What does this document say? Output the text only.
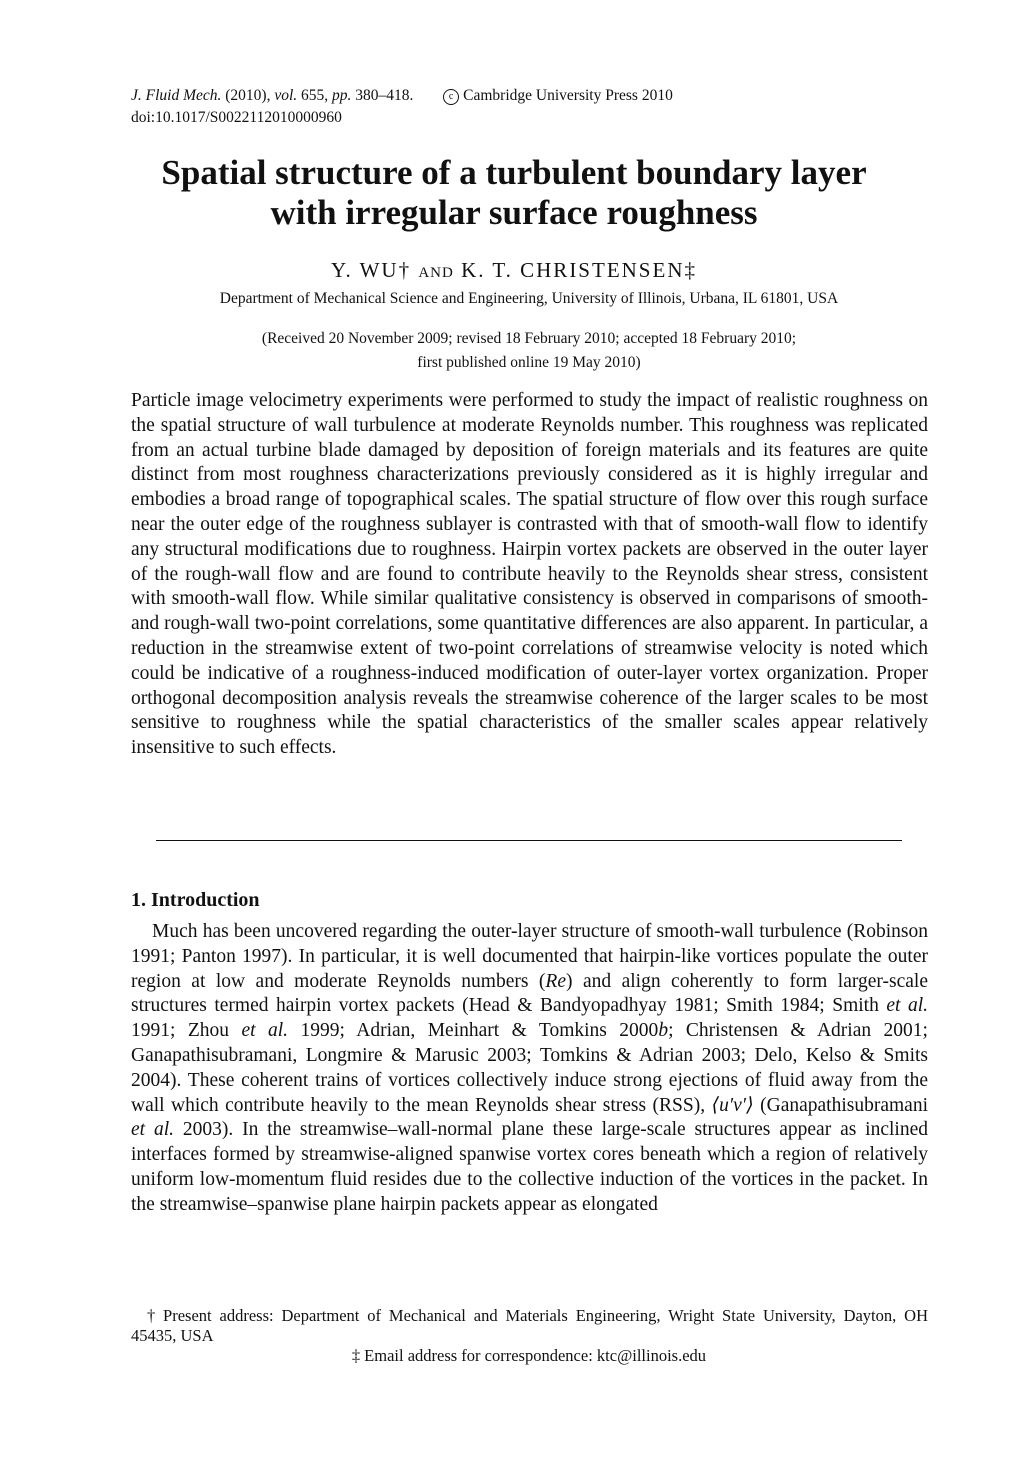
J. Fluid Mech. (2010), vol. 655, pp. 380–418.	c Cambridge University Press 2010
doi:10.1017/S0022112010000960
Spatial structure of a turbulent boundary layer
with irregular surface roughness

Y. WU† AND K. T. CHRISTENSEN‡

Department of Mechanical Science and Engineering, University of Illinois, Urbana, IL 61801, USA
(Received 20 November 2009; revised 18 February 2010; accepted 18 February 2010;
first published online 19 May 2010)

Particle image velocimetry experiments were performed to study the impact of realistic roughness on the spatial structure of wall turbulence at moderate Reynolds number. This roughness was replicated from an actual turbine blade damaged by deposition of foreign materials and its features are quite distinct from most roughness characterizations previously considered as it is highly irregular and embodies a broad range of topographical scales. The spatial structure of flow over this rough surface near the outer edge of the roughness sublayer is contrasted with that of smooth-wall flow to identify any structural modifications due to roughness. Hairpin vortex packets are observed in the outer layer of the rough-wall flow and are found to contribute heavily to the Reynolds shear stress, consistent with smooth-wall flow. While similar qualitative consistency is observed in comparisons of smooth- and rough-wall two-point correlations, some quantitative differences are also apparent. In particular, a reduction in the streamwise extent of two-point correlations of streamwise velocity is noted which could be indicative of a roughness-induced modification of outer-layer vortex organization. Proper orthogonal decomposition analysis reveals the streamwise coherence of the larger scales to be most sensitive to roughness while the spatial characteristics of the smaller scales appear relatively insensitive to such effects.

1. Introduction

Much has been uncovered regarding the outer-layer structure of smooth-wall turbulence (Robinson 1991; Panton 1997). In particular, it is well documented that hairpin-like vortices populate the outer region at low and moderate Reynolds numbers (Re) and align coherently to form larger-scale structures termed hairpin vortex packets (Head & Bandyopadhyay 1981; Smith 1984; Smith et al. 1991; Zhou et al. 1999; Adrian, Meinhart & Tomkins 2000b; Christensen & Adrian 2001; Ganapathisubramani, Longmire & Marusic 2003; Tomkins & Adrian 2003; Delo, Kelso & Smits 2004). These coherent trains of vortices collectively induce strong ejections of fluid away from the wall which contribute heavily to the mean Reynolds shear stress (RSS), ⟨u′v′⟩ (Ganapathisubramani et al. 2003). In the streamwise–wall-normal plane these large-scale structures appear as inclined interfaces formed by streamwise-aligned spanwise vortex cores beneath which a region of relatively uniform low-momentum fluid resides due to the collective induction of the vortices in the packet. In the streamwise–spanwise plane hairpin packets appear as elongated

† Present address: Department of Mechanical and Materials Engineering, Wright State University, Dayton, OH 45435, USA

‡ Email address for correspondence: ktc@illinois.edu
